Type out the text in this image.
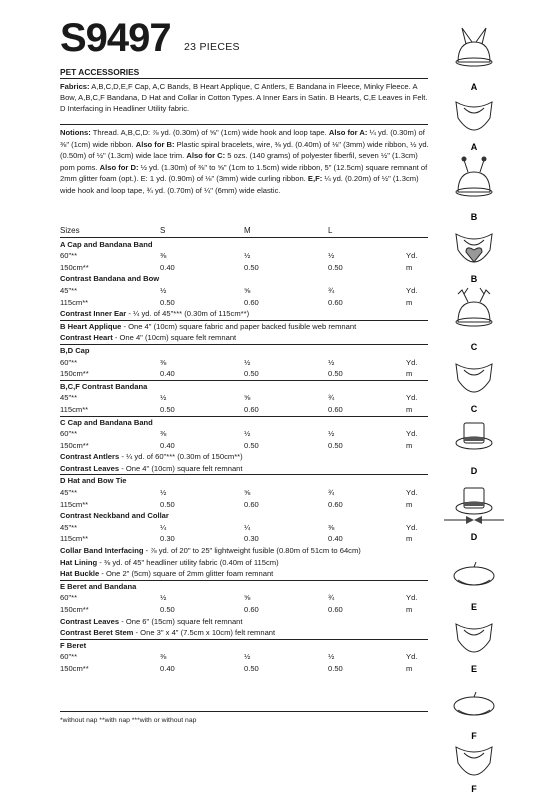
S9497 23 PIECES
PET ACCESSORIES
Fabrics: A,B,C,D,E,F Cap, A,C Bands, B Heart Applique, C Antlers, E Bandana in Fleece, Minky Fleece. A Bow, A,B,C,F Bandana, D Hat and Collar in Cotton Types. A Inner Ears in Satin. B Hearts, C,E Leaves in Felt. D Interfacing in Headliner Utility fabric.
Notions: Thread. A,B,C,D: ⅞ yd. (0.30m) of ⅝" (1cm) wide hook and loop tape. Also for A: ¼ yd. (0.30m) of ⅜" (1cm) wide ribbon. Also for B: Plastic spiral bracelets, wire, ⅜ yd. (0.40m) of ⅛" (3mm) wide ribbon, ½ yd. (0.50m) of ½" (1.3cm) wide lace trim. Also for C: 5 ozs. (140 grams) of polyester fiberfil, seven ½" (1.3cm) pom poms. Also for D: ½ yd. (1.30m) of ⅜" to ⅝" (1cm to 1.5cm) wide ribbon, 5" (12.5cm) square remnant of 2mm glitter foam (opt.). E: 1 yd. (0.90m) of ⅛" (3mm) wide curling ribbon. E,F: ¼ yd. (0.20m) of ½" (1.3cm) wide hook and loop tape, ¾ yd. (0.70m) of ¼" (6mm) wide elastic.
Sizes	S	M	L
A Cap and Bandana Band
60"**	⅜	½	½	Yd.
150cm**	0.40	0.50	0.50	m
Contrast Bandana and Bow
45"**	½	⅝	¾	Yd.
115cm**	0.50	0.60	0.60	m
Contrast Inner Ear - ¼ yd. of 45"*** (0.30m of 115cm**)
B Heart Applique - One 4" (10cm) square fabric and paper backed fusible web remnant
Contrast Heart - One 4" (10cm) square felt remnant
B,D Cap
60"**	⅜	½	½	Yd.
150cm**	0.40	0.50	0.50	m
B,C,F Contrast Bandana
45"**	½	⅝	¾	Yd.
115cm**	0.50	0.60	0.60	m
C Cap and Bandana Band
60"**	⅜	½	½	Yd.
150cm**	0.40	0.50	0.50	m
Contrast Antlers - ¼ yd. of 60"*** (0.30m of 150cm**)
Contrast Leaves - One 4" (10cm) square felt remnant
D Hat and Bow Tie
45"**	½	⅝	¾	Yd.
115cm**	0.50	0.60	0.60	m
Contrast Neckband and Collar
45"**	¼	¼	⅜	Yd.
115cm**	0.30	0.30	0.40	m
Collar Band Interfacing - ⅞ yd. of 20" to 25" lightweight fusible (0.80m of 51cm to 64cm)
Hat Lining - ⅜ yd. of 45" headliner utility fabric (0.40m of 115cm)
Hat Buckle - One 2" (5cm) square of 2mm glitter foam remnant
E Beret and Bandana
60"**	½	⅝	¾	Yd.
150cm**	0.50	0.60	0.60	m
Contrast Leaves - One 6" (15cm) square felt remnant
Contrast Beret Stem - One 3" x 4" (7.5cm x 10cm) felt remnant
F Beret
60"**	⅜	½	½	Yd.
150cm**	0.40	0.50	0.50	m
*without nap **with nap ***with or without nap
A
A
B
B
C
C
D
D
E
E
F
F
